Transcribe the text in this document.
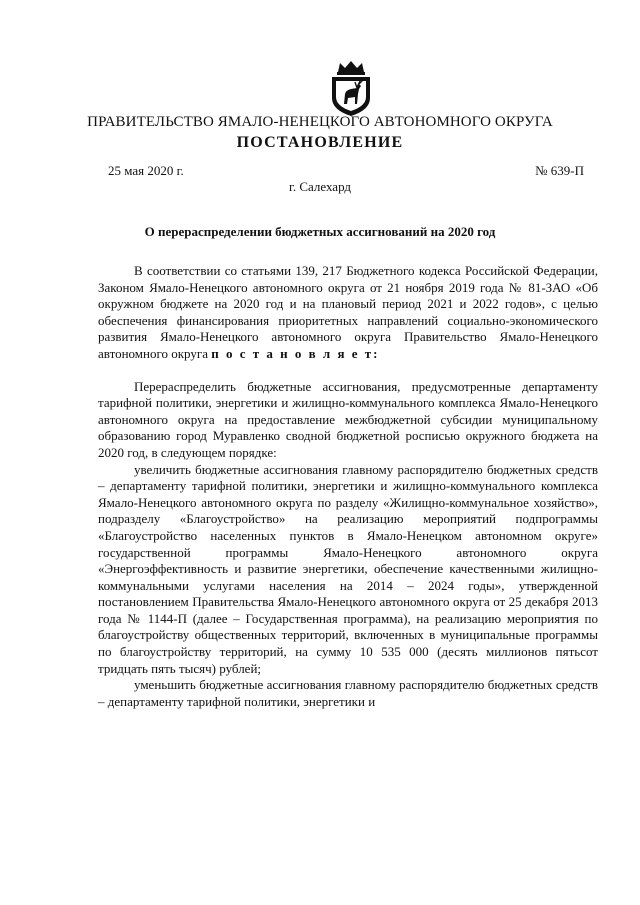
ПРАВИТЕЛЬСТВО ЯМАЛО-НЕНЕЦКОГО АВТОНОМНОГО ОКРУГА
ПОСТАНОВЛЕНИЕ
25 мая 2020 г.	№ 639-П
г. Салехард
О перераспределении бюджетных ассигнований на 2020 год

В соответствии со статьями 139, 217 Бюджетного кодекса Российской Федерации, Законом Ямало-Ненецкого автономного округа от 21 ноября 2019 года № 81-ЗАО «Об окружном бюджете на 2020 год и на плановый период 2021 и 2022 годов», с целью обеспечения финансирования приоритетных направлений социально-экономического развития Ямало-Ненецкого автономного округа Правительство Ямало-Ненецкого автономного округа п о с т а н о в л я е т:

Перераспределить бюджетные ассигнования, предусмотренные департаменту тарифной политики, энергетики и жилищно-коммунального комплекса Ямало-Ненецкого автономного округа на предоставление межбюджетной субсидии муниципальному образованию город Муравленко сводной бюджетной росписью окружного бюджета на 2020 год, в следующем порядке:

увеличить бюджетные ассигнования главному распорядителю бюджетных средств – департаменту тарифной политики, энергетики и жилищно-коммунального комплекса Ямало-Ненецкого автономного округа по разделу «Жилищно-коммунальное хозяйство», подразделу «Благоустройство» на реализацию мероприятий подпрограммы «Благоустройство населенных пунктов в Ямало-Ненецком автономном округе» государственной программы Ямало-Ненецкого автономного округа «Энергоэффективность и развитие энергетики, обеспечение качественными жилищно-коммунальными услугами населения на 2014 – 2024 годы», утвержденной постановлением Правительства Ямало-Ненецкого автономного округа от 25 декабря 2013 года № 1144-П (далее – Государственная программа), на реализацию мероприятия по благоустройству общественных территорий, включенных в муниципальные программы по благоустройству территорий, на сумму 10 535 000 (десять миллионов пятьсот тридцать пять тысяч) рублей;

уменьшить бюджетные ассигнования главному распорядителю бюджетных средств – департаменту тарифной политики, энергетики и
